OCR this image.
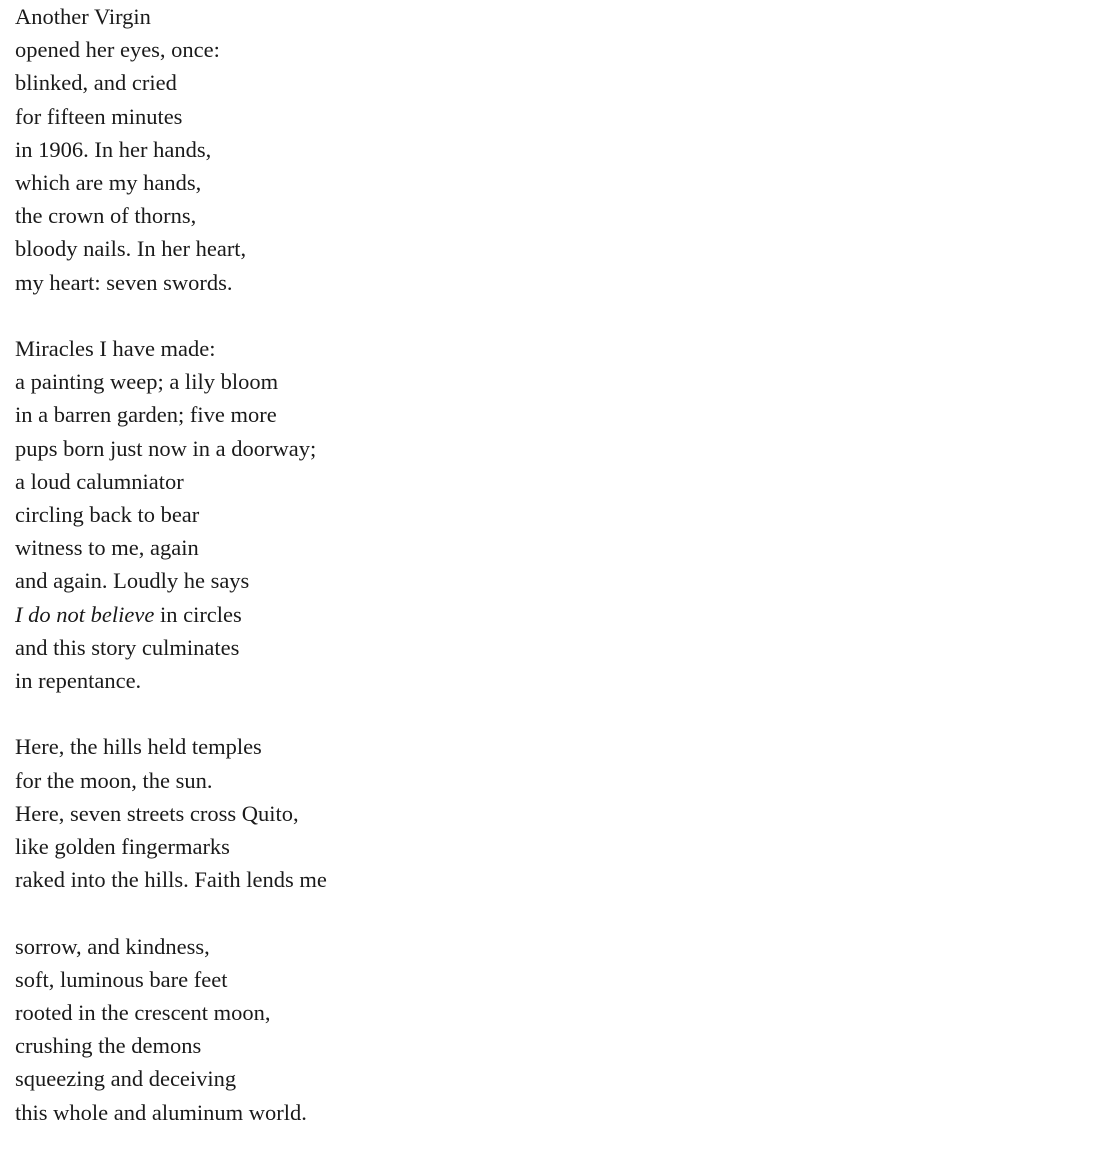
Another Virgin
opened her eyes, once:
blinked, and cried
for fifteen minutes
in 1906. In her hands,
which are my hands,
the crown of thorns,
bloody nails. In her heart,
my heart: seven swords.
Miracles I have made:
a painting weep; a lily bloom
in a barren garden; five more
pups born just now in a doorway;
a loud calumniator
circling back to bear
witness to me, again
and again. Loudly he says
I do not believe in circles
and this story culminates
in repentance.
Here, the hills held temples
for the moon, the sun.
Here, seven streets cross Quito,
like golden fingermarks
raked into the hills. Faith lends me
sorrow, and kindness,
soft, luminous bare feet
rooted in the crescent moon,
crushing the demons
squeezing and deceiving
this whole and aluminum world.
